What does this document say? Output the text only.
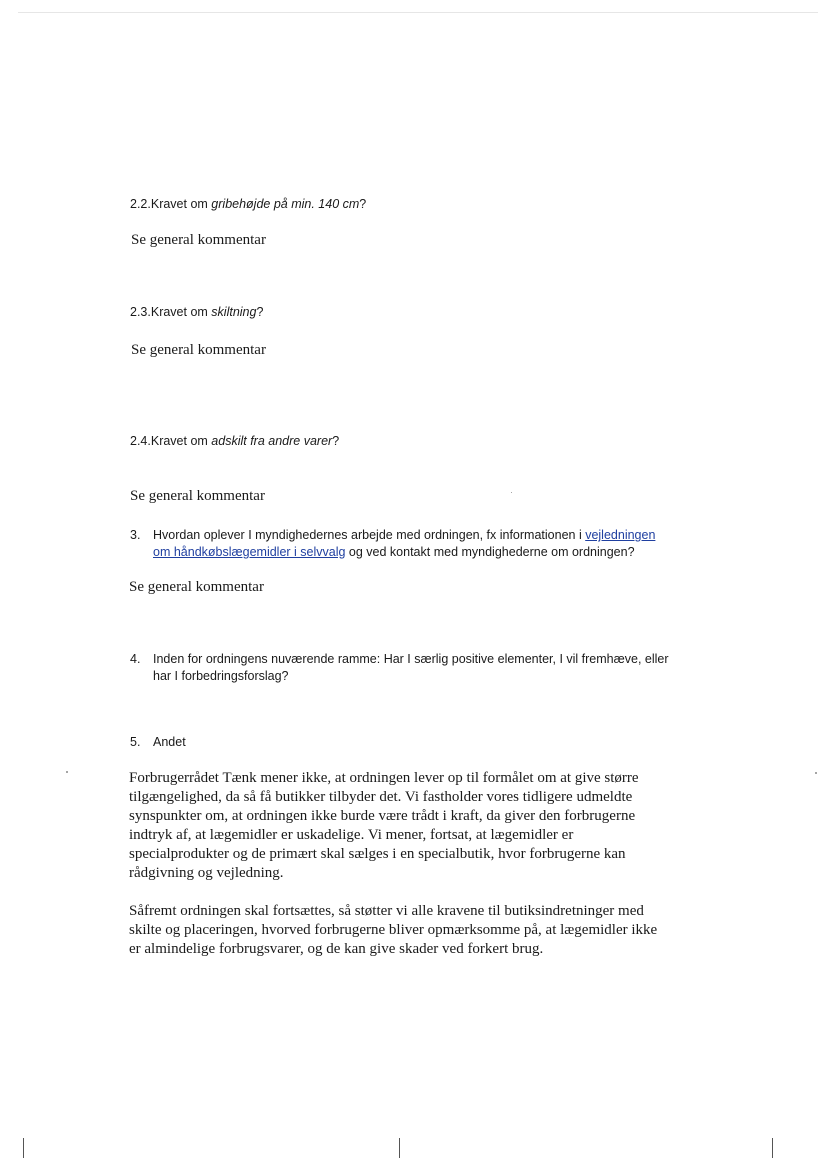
2.2.Kravet om gribehøjde på min. 140 cm?
Se general kommentar
2.3.Kravet om skiltning?
Se general kommentar
2.4.Kravet om adskilt fra andre varer?
Se general kommentar
3. Hvordan oplever I myndighedernes arbejde med ordningen, fx informationen i vejledningen
om håndkøbslægemidler i selvvalg og ved kontakt med myndighederne om ordningen?
Se general kommentar
4. Inden for ordningens nuværende ramme: Har I særlig positive elementer, I vil fremhæve, eller
har I forbedringsforslag?
5. Andet
Forbrugerrådet Tænk mener ikke, at ordningen lever op til formålet om at give større
tilgængelighed, da så få butikker tilbyder det. Vi fastholder vores tidligere udmeldte
synspunkter om, at ordningen ikke burde være trådt i kraft, da giver den forbrugerne
indtryk af, at lægemidler er uskadelige. Vi mener, fortsat, at lægemidler er
specialprodukter og de primært skal sælges i en specialbutik, hvor forbrugerne kan
rådgivning og vejledning.
Såfremt ordningen skal fortsættes, så støtter vi alle kravene til butiksindretninger med
skilte og placeringen, hvorved forbrugerne bliver opmærksomme på, at lægemidler ikke
er almindelige forbrugsvarer, og de kan give skader ved forkert brug.
